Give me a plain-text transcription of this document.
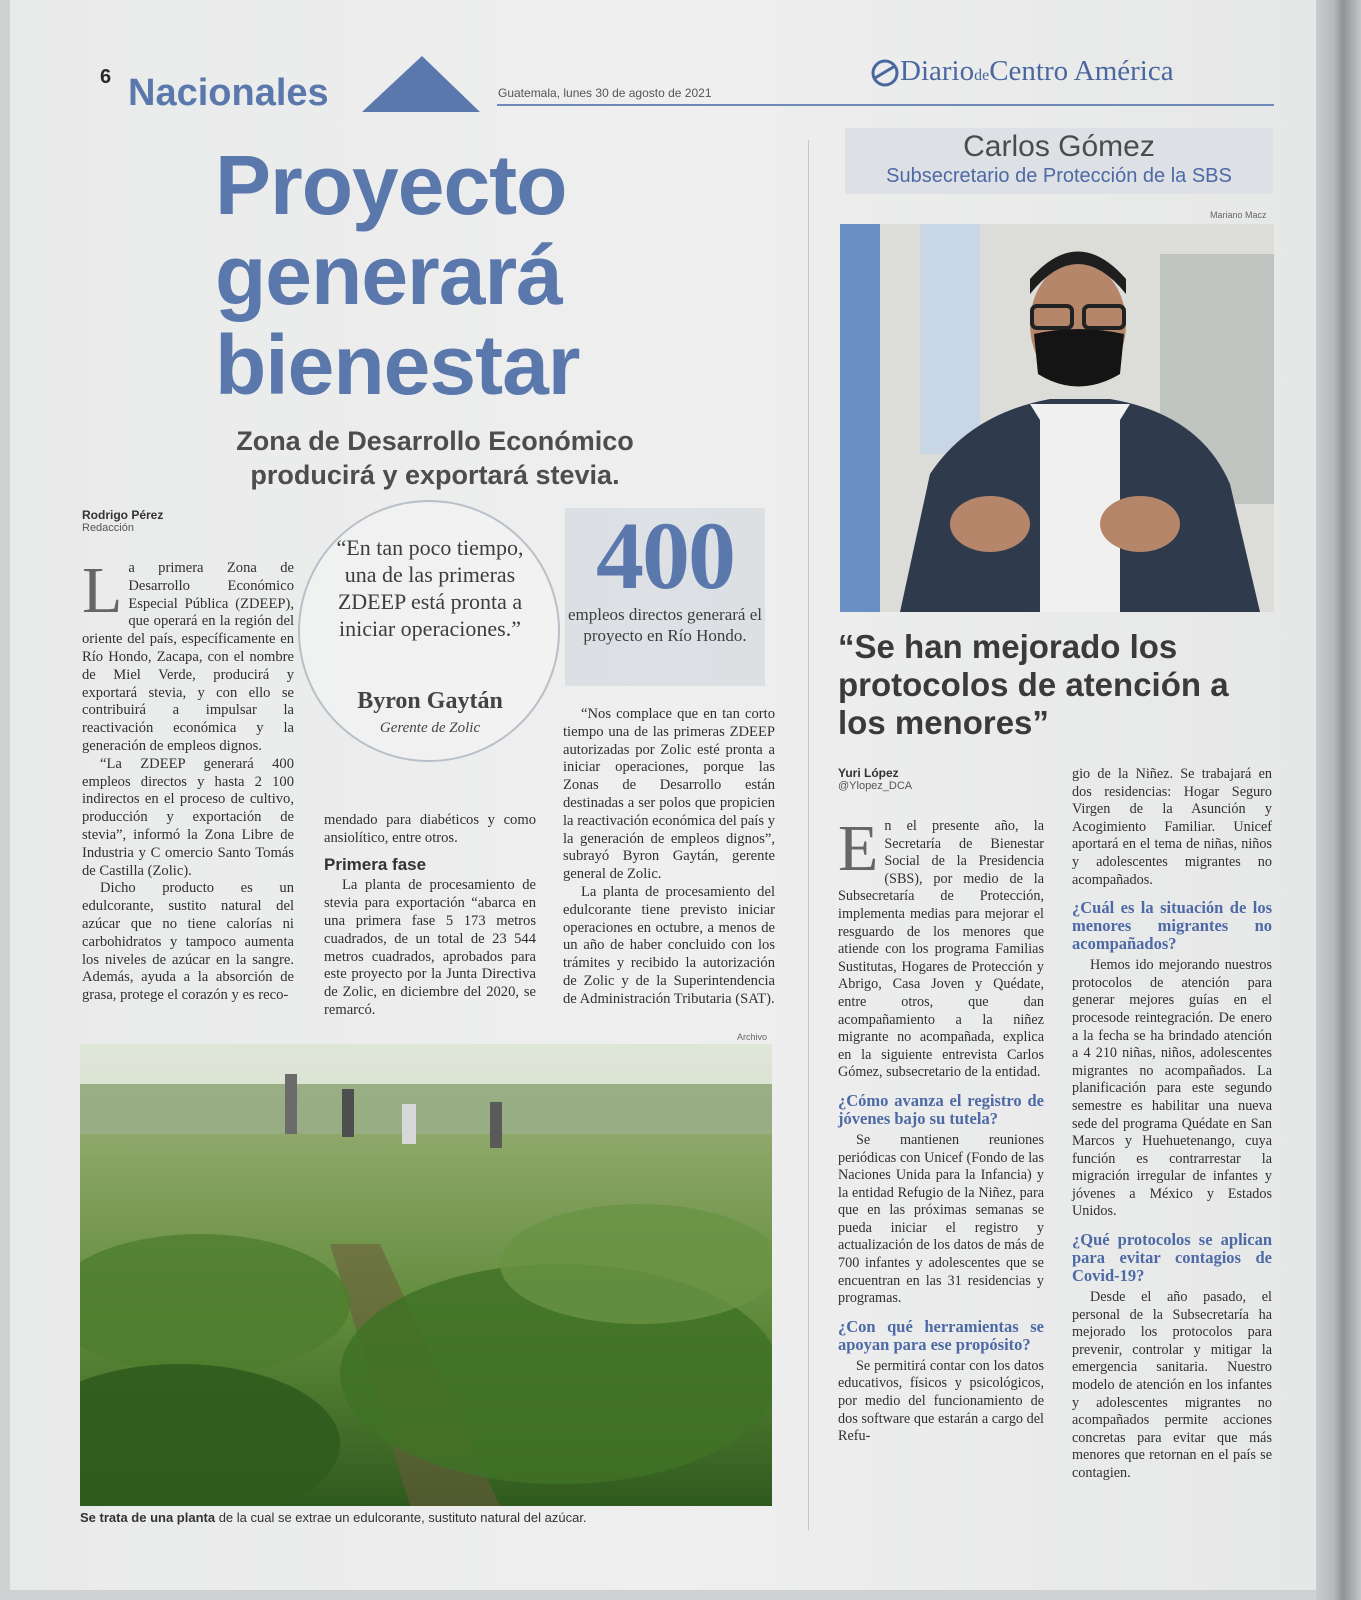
6 Nacionales	Guatemala, lunes 30 de agosto de 2021
DiariodeCentro América
Proyecto
generará
bienestar
Zona de Desarrollo Económico
producirá y exportará stevia.
Rodrigo Pérez
Redacción

La primera Zona de Desarrollo Económico Especial Pública (ZDEEP), que operará en la región del oriente del país, específicamente en Río Hondo, Zacapa, con el nombre de Miel Verde, producirá y exportará stevia, y con ello se contribuirá a impulsar la reactivación económica y la generación de empleos dignos.

“La ZDEEP generará 400 empleos directos y hasta 2 100 indirectos en el proceso de cultivo, producción y exportación de stevia”, informó la Zona Libre de Industria y C omercio Santo Tomás de Castilla (Zolic).

Dicho producto es un edulcorante, sustito natural del azúcar que no tiene calorías ni carbohidratos y tampoco aumenta los niveles de azúcar en la sangre. Además, ayuda a la absorción de grasa, protege el corazón y es reco-

“En tan poco tiempo, una de las primeras ZDEEP está pronta a iniciar operaciones.”
Byron Gaytán
Gerente de Zolic

mendado para diabéticos y como ansiolítico, entre otros.

Primera fase

La planta de procesamiento de stevia para exportación “abarca en una primera fase 5 173 metros cuadrados, de un total de 23 544 metros cuadrados, aprobados para este proyecto por la Junta Directiva de Zolic, en diciembre del 2020, se remarcó.

400
empleos directos generará el proyecto en Río Hondo.

“Nos complace que en tan corto tiempo una de las primeras ZDEEP autorizadas por Zolic esté pronta a iniciar operaciones, porque las Zonas de Desarrollo están destinadas a ser polos que propicien la reactivación económica del país y la generación de empleos dignos”, subrayó Byron Gaytán, gerente general de Zolic.

La planta de procesamiento del edulcorante tiene previsto iniciar operaciones en octubre, a menos de un año de haber concluido con los trámites y recibido la autorización de Zolic y de la Superintendencia de Administración Tributaria (SAT).

Archivo
Se trata de una planta de la cual se extrae un edulcorante, sustituto natural del azúcar.
Carlos Gómez
Subsecretario de Protección de la SBS
Mariano Macz
“Se han mejorado los protocolos de atención a los menores”
Yuri López
@Ylopez_DCA

En el presente año, la Secretaría de Bienestar Social de la Presidencia (SBS), por medio de la Subsecretaría de Protección, implementa medias para mejorar el resguardo de los menores que atiende con los programa Familias Sustitutas, Hogares de Protección y Abrigo, Casa Joven y Quédate, entre otros, que dan acompañamiento a la niñez migrante no acompañada, explica en la siguiente entrevista Carlos Gómez, subsecretario de la entidad.

¿Cómo avanza el registro de jóvenes bajo su tutela?

Se mantienen reuniones periódicas con Unicef (Fondo de las Naciones Unida para la Infancia) y la entidad Refugio de la Niñez, para que en las próximas semanas se pueda iniciar el registro y actualización de los datos de más de 700 infantes y adolescentes que se encuentran en las 31 residencias y programas.

¿Con qué herramientas se apoyan para ese propósito?

Se permitirá contar con los datos educativos, físicos y psicológicos, por medio del funcionamiento de dos software que estarán a cargo del Refu-

gio de la Niñez. Se trabajará en dos residencias: Hogar Seguro Virgen de la Asunción y Acogimiento Familiar. Unicef aportará en el tema de niñas, niños y adolescentes migrantes no acompañados.

¿Cuál es la situación de los menores migrantes no acompañados?

Hemos ido mejorando nuestros protocolos de atención para generar mejores guías en el procesode reintegración. De enero a la fecha se ha brindado atención a 4 210 niñas, niños, adolescentes migrantes no acompañados. La planificación para este segundo semestre es habilitar una nueva sede del programa Quédate en San Marcos y Huehuetenango, cuya función es contrarrestar la migración irregular de infantes y jóvenes a México y Estados Unidos.

¿Qué protocolos se aplican para evitar contagios de Covid-19?

Desde el año pasado, el personal de la Subsecretaría ha mejorado los protocolos para prevenir, controlar y mitigar la emergencia sanitaria. Nuestro modelo de atención en los infantes y adolescentes migrantes no acompañados permite acciones concretas para evitar que más menores que retornan en el país se contagien.
